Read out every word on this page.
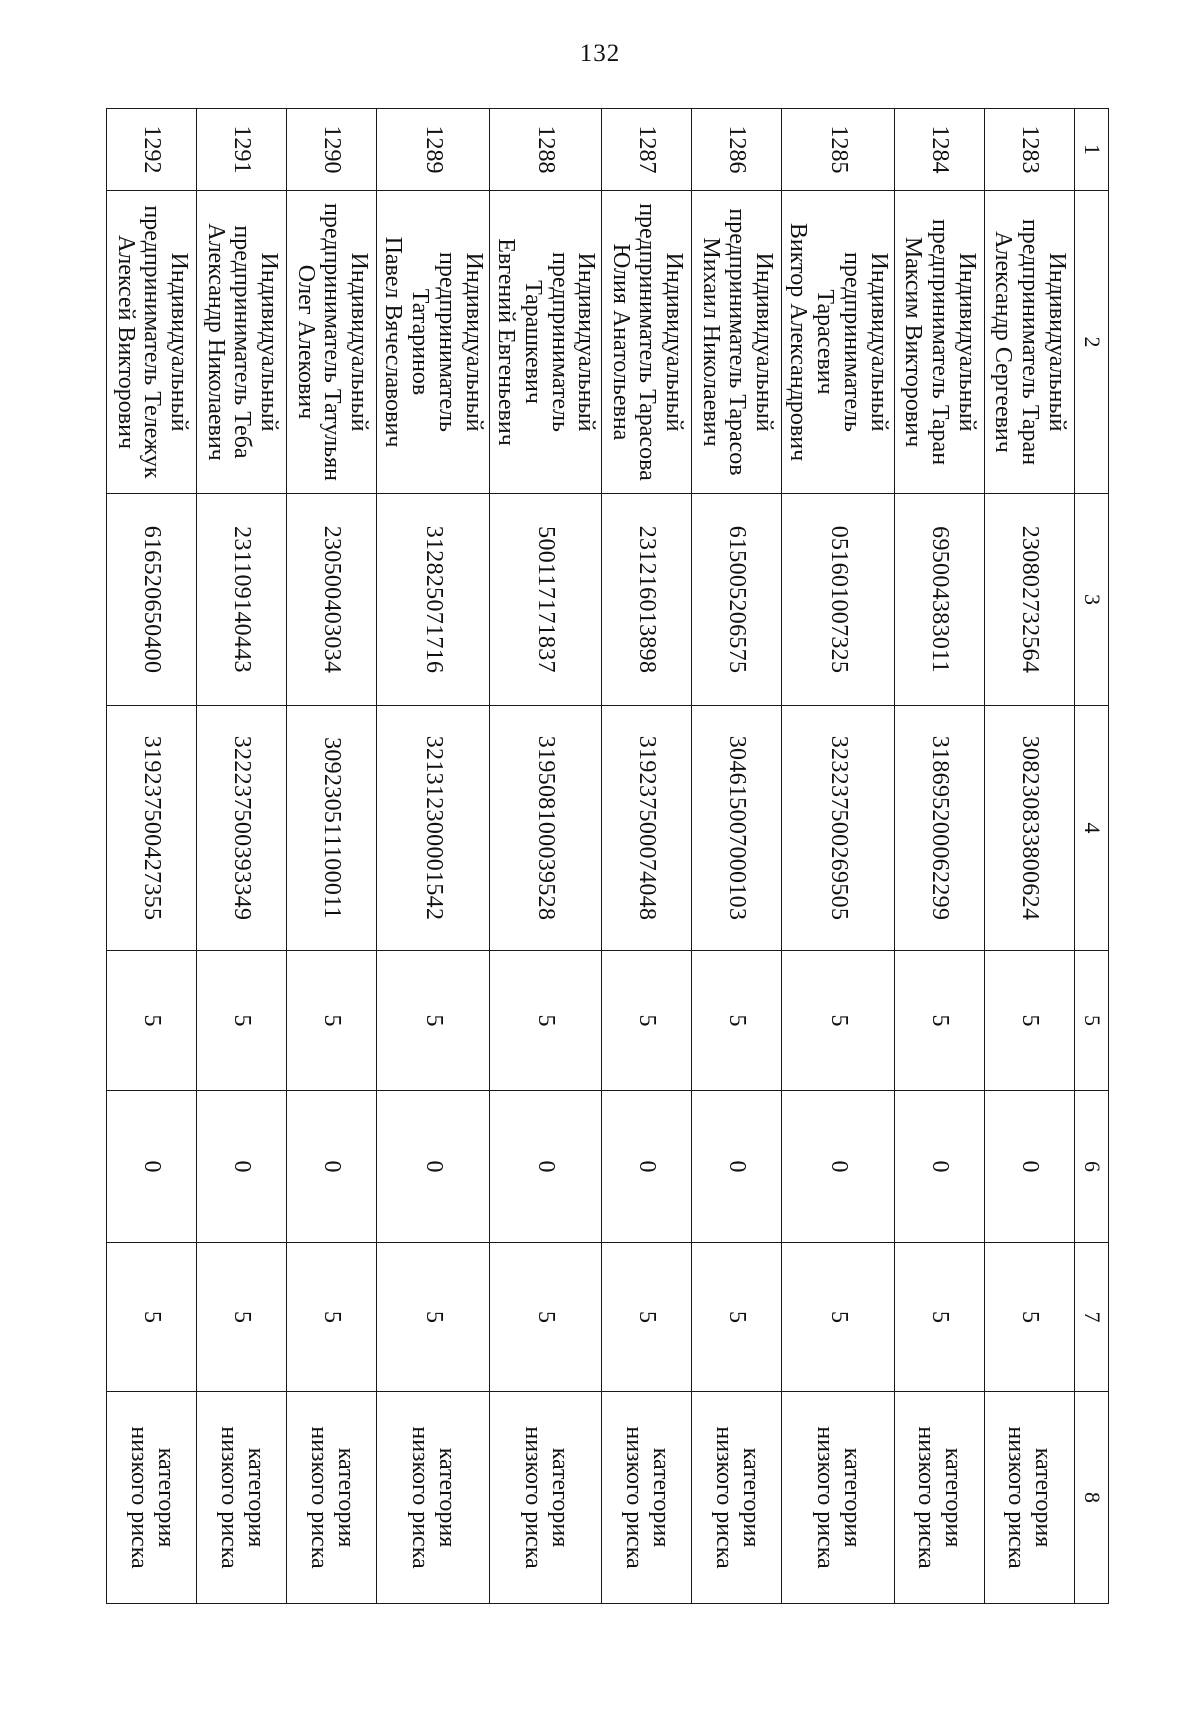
132
1	2	3	4	5	6	7	8
1283	Индивидуальный
предприниматель Таран
Александр Сергеевич	230802732564	308230833800624	5	0	5	категория
низкого риска
1284	Индивидуальный
предприниматель Таран
Максим Викторович	695004383011	318695200062299	5	0	5	категория
низкого риска
1285	Индивидуальный
предприниматель Тарасевич
Виктор Александрович	051601007325	323237500269505	5	0	5	категория
низкого риска
1286	Индивидуальный
предприниматель Тарасов
Михаил Николаевич	615005206575	304615007000103	5	0	5	категория
низкого риска
1287	Индивидуальный
предприниматель Тарасова
Юлия Анатольевна	231216013898	319237500074048	5	0	5	категория
низкого риска
1288	Индивидуальный
предприниматель Тарашкевич
Евгений Евгеньевич	500117171837	319508100039528	5	0	5	категория
низкого риска
1289	Индивидуальный
предприниматель Татаринов
Павел Вячеславович	312825071716	321312300001542	5	0	5	категория
низкого риска
1290	Индивидуальный
предприниматель Татульян
Олег Алекович	230500403034	309230511100011	5	0	5	категория
низкого риска
1291	Индивидуальный
предприниматель Теба
Александр Николаевич	231109140443	322237500393349	5	0	5	категория
низкого риска
1292	Индивидуальный
предприниматель Тележук
Алексей Викторович	616520650400	319237500427355	5	0	5	категория
низкого риска
